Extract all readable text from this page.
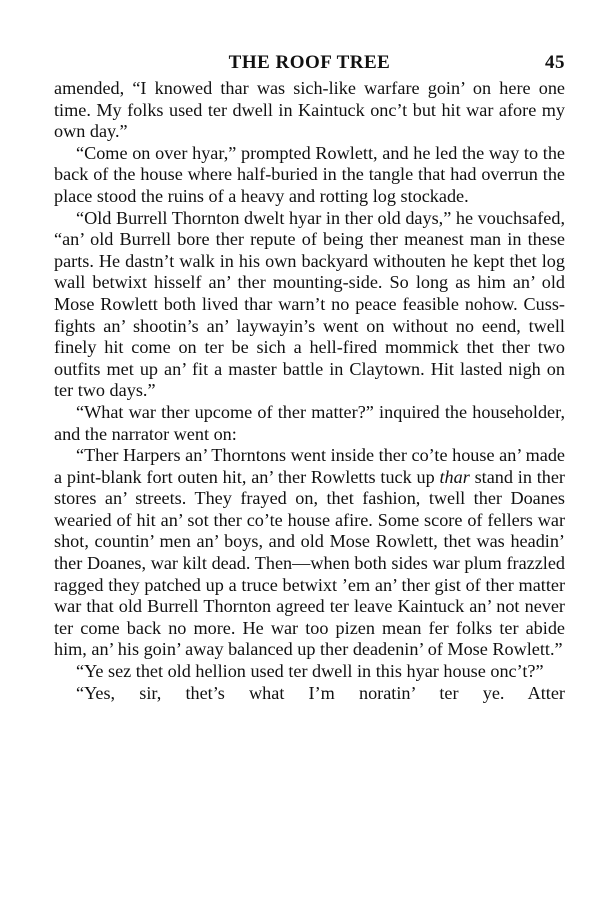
THE ROOF TREE	45

amended, “I knowed thar was sich-like warfare goin’ on here one time. My folks used ter dwell in Kaintuck onc’t but hit war afore my own day.”

“Come on over hyar,” prompted Rowlett, and he led the way to the back of the house where half-buried in the tangle that had overrun the place stood the ruins of a heavy and rotting log stockade.

“Old Burrell Thornton dwelt hyar in ther old days,” he vouchsafed, “an’ old Burrell bore ther repute of being ther meanest man in these parts. He dastn’t walk in his own backyard withouten he kept thet log wall betwixt hisself an’ ther mounting-side. So long as him an’ old Mose Rowlett both lived thar warn’t no peace feasible nohow. Cuss-fights an’ shootin’s an’ laywayin’s went on without no eend, twell finely hit come on ter be sich a hell-fired mommick thet ther two outfits met up an’ fit a master battle in Claytown. Hit lasted nigh on ter two days.”

“What war ther upcome of ther matter?” inquired the householder, and the narrator went on:

“Ther Harpers an’ Thorntons went inside ther co’te house an’ made a pint-blank fort outen hit, an’ ther Rowletts tuck up thar stand in ther stores an’ streets. They frayed on, thet fashion, twell ther Doanes wearied of hit an’ sot ther co’te house afire. Some score of fellers war shot, countin’ men an’ boys, and old Mose Rowlett, thet was headin’ ther Doanes, war kilt dead. Then—when both sides war plum frazzled ragged they patched up a truce betwixt ’em an’ ther gist of ther matter war that old Burrell Thornton agreed ter leave Kaintuck an’ not never ter come back no more. He war too pizen mean fer folks ter abide him, an’ his goin’ away balanced up ther deadenin’ of Mose Rowlett.”

“Ye sez thet old hellion used ter dwell in this hyar house onc’t?”

“Yes, sir, thet’s what I’m noratin’ ter ye. Atter
